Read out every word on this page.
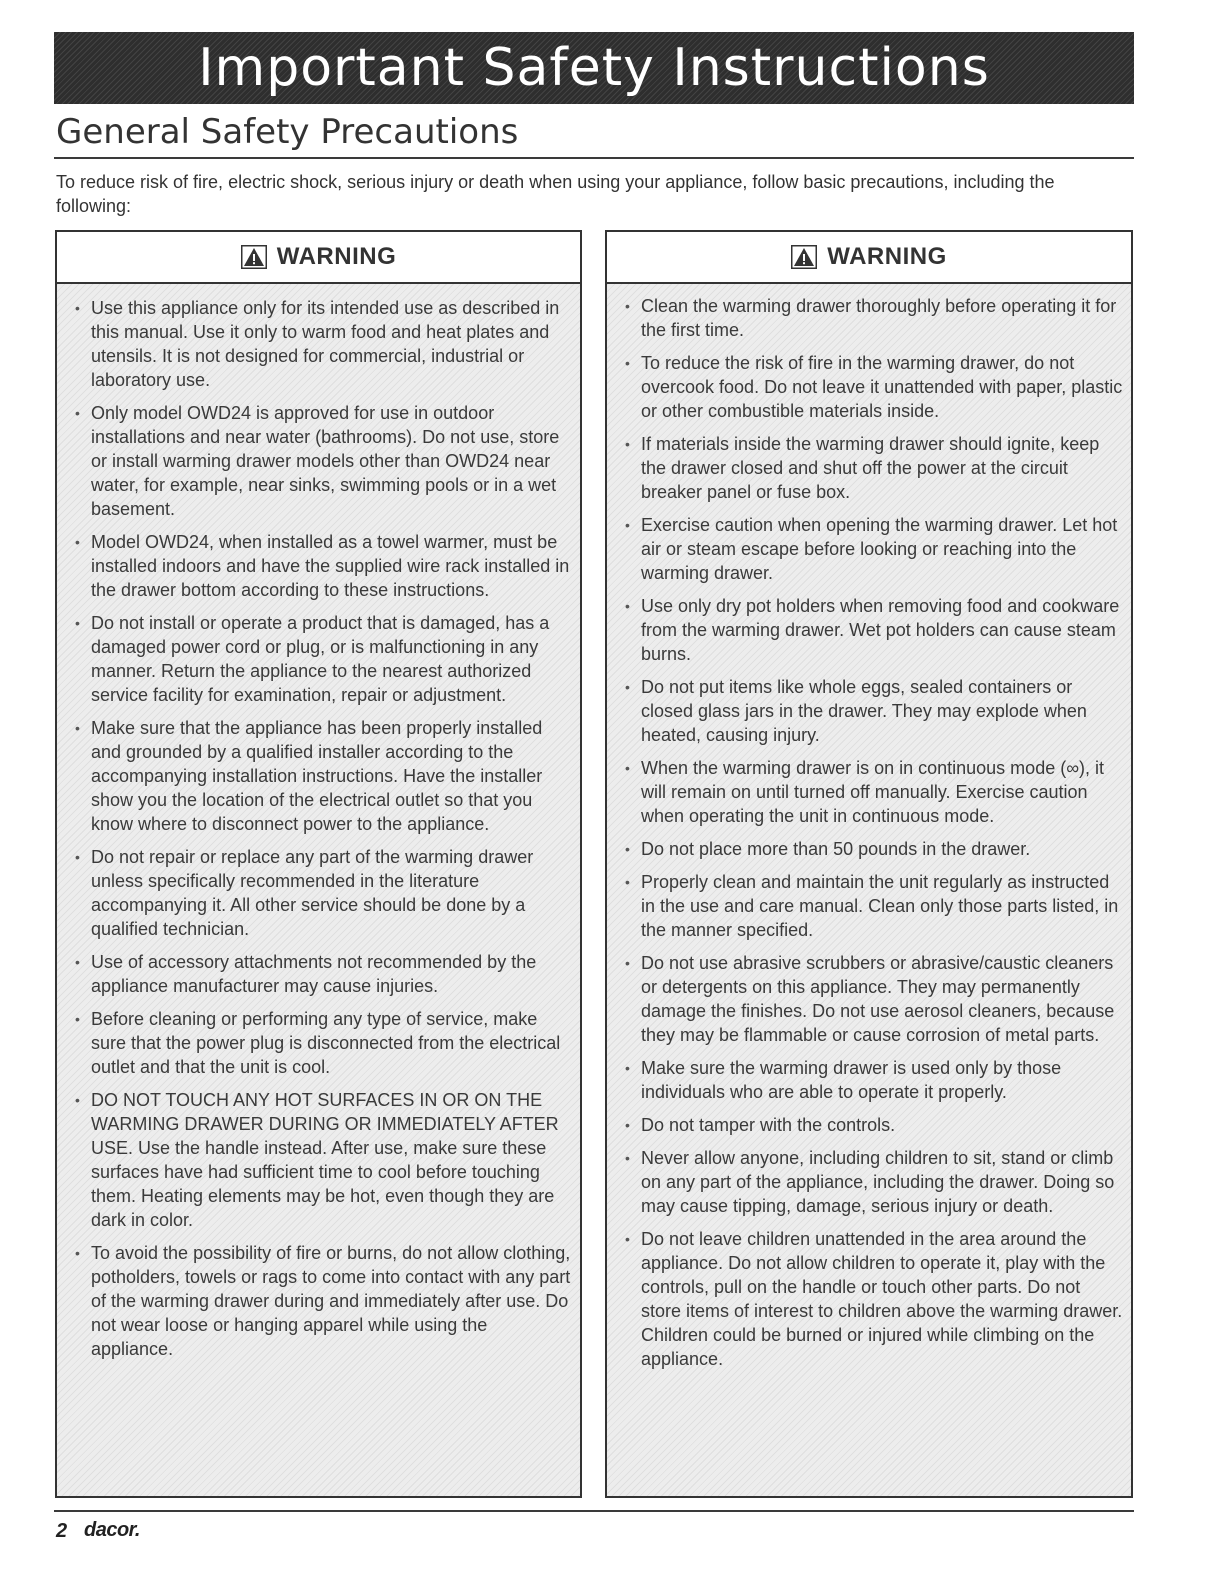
Important Safety Instructions
General Safety Precautions

To reduce risk of fire, electric shock, serious injury or death when using your appliance, follow basic precautions, including the following:

WARNING
• Use this appliance only for its intended use as described in this manual. Use it only to warm food and heat plates and utensils. It is not designed for commercial, industrial or laboratory use.
• Only model OWD24 is approved for use in outdoor installations and near water (bathrooms). Do not use, store or install warming drawer models other than OWD24 near water, for example, near sinks, swimming pools or in a wet basement.
• Model OWD24, when installed as a towel warmer, must be installed indoors and have the supplied wire rack installed in the drawer bottom according to these instructions.
• Do not install or operate a product that is damaged, has a damaged power cord or plug, or is malfunctioning in any manner. Return the appliance to the nearest authorized service facility for examination, repair or adjustment.
• Make sure that the appliance has been properly installed and grounded by a qualified installer according to the accompanying installation instructions. Have the installer show you the location of the electrical outlet so that you know where to disconnect power to the appliance.
• Do not repair or replace any part of the warming drawer unless specifically recommended in the literature accompanying it. All other service should be done by a qualified technician.
• Use of accessory attachments not recommended by the appliance manufacturer may cause injuries.
• Before cleaning or performing any type of service, make sure that the power plug is disconnected from the electrical outlet and that the unit is cool.
• DO NOT TOUCH ANY HOT SURFACES IN OR ON THE WARMING DRAWER DURING OR IMMEDIATELY AFTER USE. Use the handle instead. After use, make sure these surfaces have had sufficient time to cool before touching them. Heating elements may be hot, even though they are dark in color.
• To avoid the possibility of fire or burns, do not allow clothing, potholders, towels or rags to come into contact with any part of the warming drawer during and immediately after use. Do not wear loose or hanging apparel while using the appliance.
WARNING
• Clean the warming drawer thoroughly before operating it for the first time.
• To reduce the risk of fire in the warming drawer, do not overcook food. Do not leave it unattended with paper, plastic or other combustible materials inside.
• If materials inside the warming drawer should ignite, keep the drawer closed and shut off the power at the circuit breaker panel or fuse box.
• Exercise caution when opening the warming drawer. Let hot air or steam escape before looking or reaching into the warming drawer.
• Use only dry pot holders when removing food and cookware from the warming drawer. Wet pot holders can cause steam burns.
• Do not put items like whole eggs, sealed containers or closed glass jars in the drawer. They may explode when heated, causing injury.
• When the warming drawer is on in continuous mode (∞), it will remain on until turned off manually. Exercise caution when operating the unit in continuous mode.
• Do not place more than 50 pounds in the drawer.
• Properly clean and maintain the unit regularly as instructed in the use and care manual. Clean only those parts listed, in the manner specified.
• Do not use abrasive scrubbers or abrasive/caustic cleaners or detergents on this appliance. They may permanently damage the finishes. Do not use aerosol cleaners, because they may be flammable or cause corrosion of metal parts.
• Make sure the warming drawer is used only by those individuals who are able to operate it properly.
• Do not tamper with the controls.
• Never allow anyone, including children to sit, stand or climb on any part of the appliance, including the drawer. Doing so may cause tipping, damage, serious injury or death.
• Do not leave children unattended in the area around the appliance. Do not allow children to operate it, play with the controls, pull on the handle or touch other parts. Do not store items of interest to children above the warming drawer. Children could be burned or injured while climbing on the appliance.
2 dacor.
